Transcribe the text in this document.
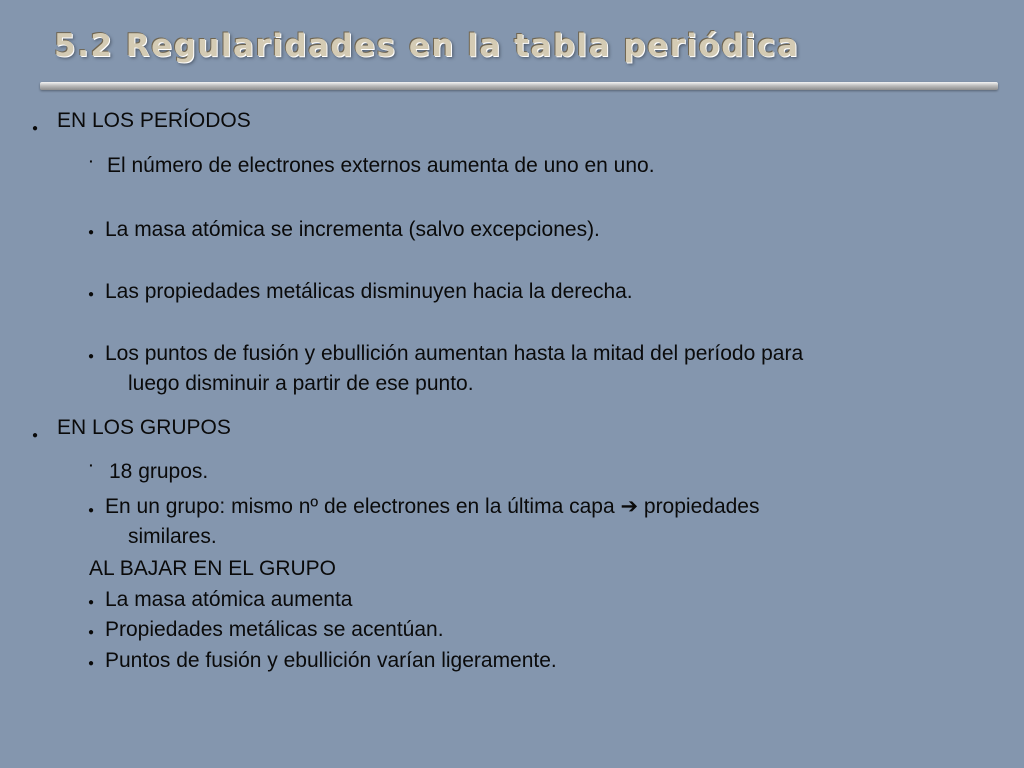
5.2 Regularidades en la tabla periódica
● EN LOS PERÍODOS
· El número de electrones externos aumenta de uno en uno.
● La masa atómica se incrementa (salvo excepciones).
● Las propiedades metálicas disminuyen hacia la derecha.
● Los puntos de fusión y ebullición aumentan hasta la mitad del período para
luego disminuir a partir de ese punto.
● EN LOS GRUPOS
· 18 grupos.
● En un grupo: mismo nº de electrones en la última capa ➔ propiedades
similares.
AL BAJAR EN EL GRUPO
● La masa atómica aumenta
● Propiedades metálicas se acentúan.
● Puntos de fusión y ebullición varían ligeramente.
